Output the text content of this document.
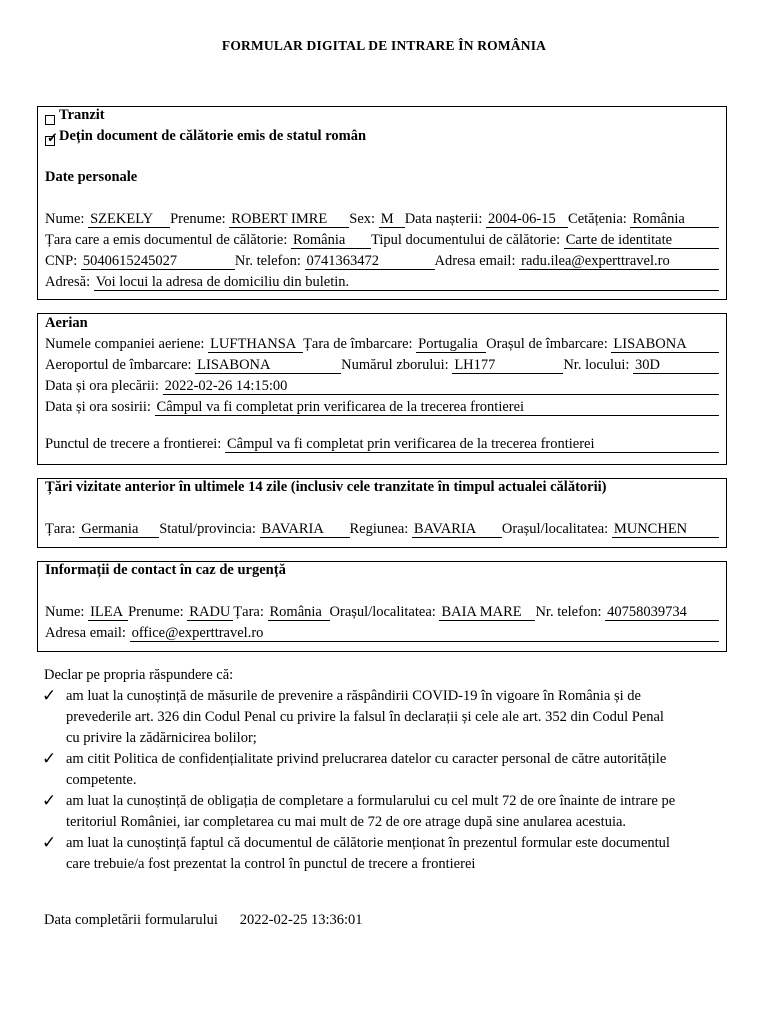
FORMULAR DIGITAL DE INTRARE ÎN ROMÂNIA
Tranzit
✓
Dețin document de călătorie emis de statul român
Date personale
Nume: SZEKELY	Prenume: ROBERT IMRE	Sex: M Data nașterii: 2004-06-15 Cetățenia: România
Țara care a emis documentul de călătorie: România	Tipul documentului de călătorie: Carte de identitate
CNP: 5040615245027	Nr. telefon: 0741363472	Adresa email: radu.ilea@experttravel.ro
Adresă: Voi locui la adresa de domiciliu din buletin.
Aerian
Numele companiei aeriene: LUFTHANSA Țara de îmbarcare: Portugalia Orașul de îmbarcare: LISABONA
Aeroportul de îmbarcare: LISABONA	Numărul zborului: LH177	Nr. locului: 30D
Data și ora plecării: 2022-02-26 14:15:00
Data și ora sosirii: Câmpul va fi completat prin verificarea de la trecerea frontierei
Punctul de trecere a frontierei: Câmpul va fi completat prin verificarea de la trecerea frontierei
Țări vizitate anterior în ultimele 14 zile (inclusiv cele tranzitate în timpul actualei călătorii)
Țara: Germania	Statul/provincia: BAVARIA	Regiunea: BAVARIA	Orașul/localitatea: MUNCHEN
Informații de contact în caz de urgență
Nume: ILEA Prenume: RADU Țara: România Orașul/localitatea: BAIA MARE Nr. telefon: 40758039734
Adresa email: office@experttravel.ro
Declar pe propria răspundere că:
✓ am luat la cunoștință de măsurile de prevenire a răspândirii COVID-19 în vigoare în România și de
prevederile art. 326 din Codul Penal cu privire la falsul în declarații și cele ale art. 352 din Codul Penal
cu privire la zădărnicirea bolilor;
✓ am citit Politica de confidențialitate privind prelucrarea datelor cu caracter personal de către autoritățile
competente.
✓ am luat la cunoștință de obligația de completare a formularului cu cel mult 72 de ore înainte de intrare pe
teritoriul României, iar completarea cu mai mult de 72 de ore atrage după sine anularea acestuia.
✓ am luat la cunoștință faptul că documentul de călătorie menționat în prezentul formular este documentul
care trebuie/a fost prezentat la control în punctul de trecere a frontierei
Data completării formularului 2022-02-25 13:36:01
